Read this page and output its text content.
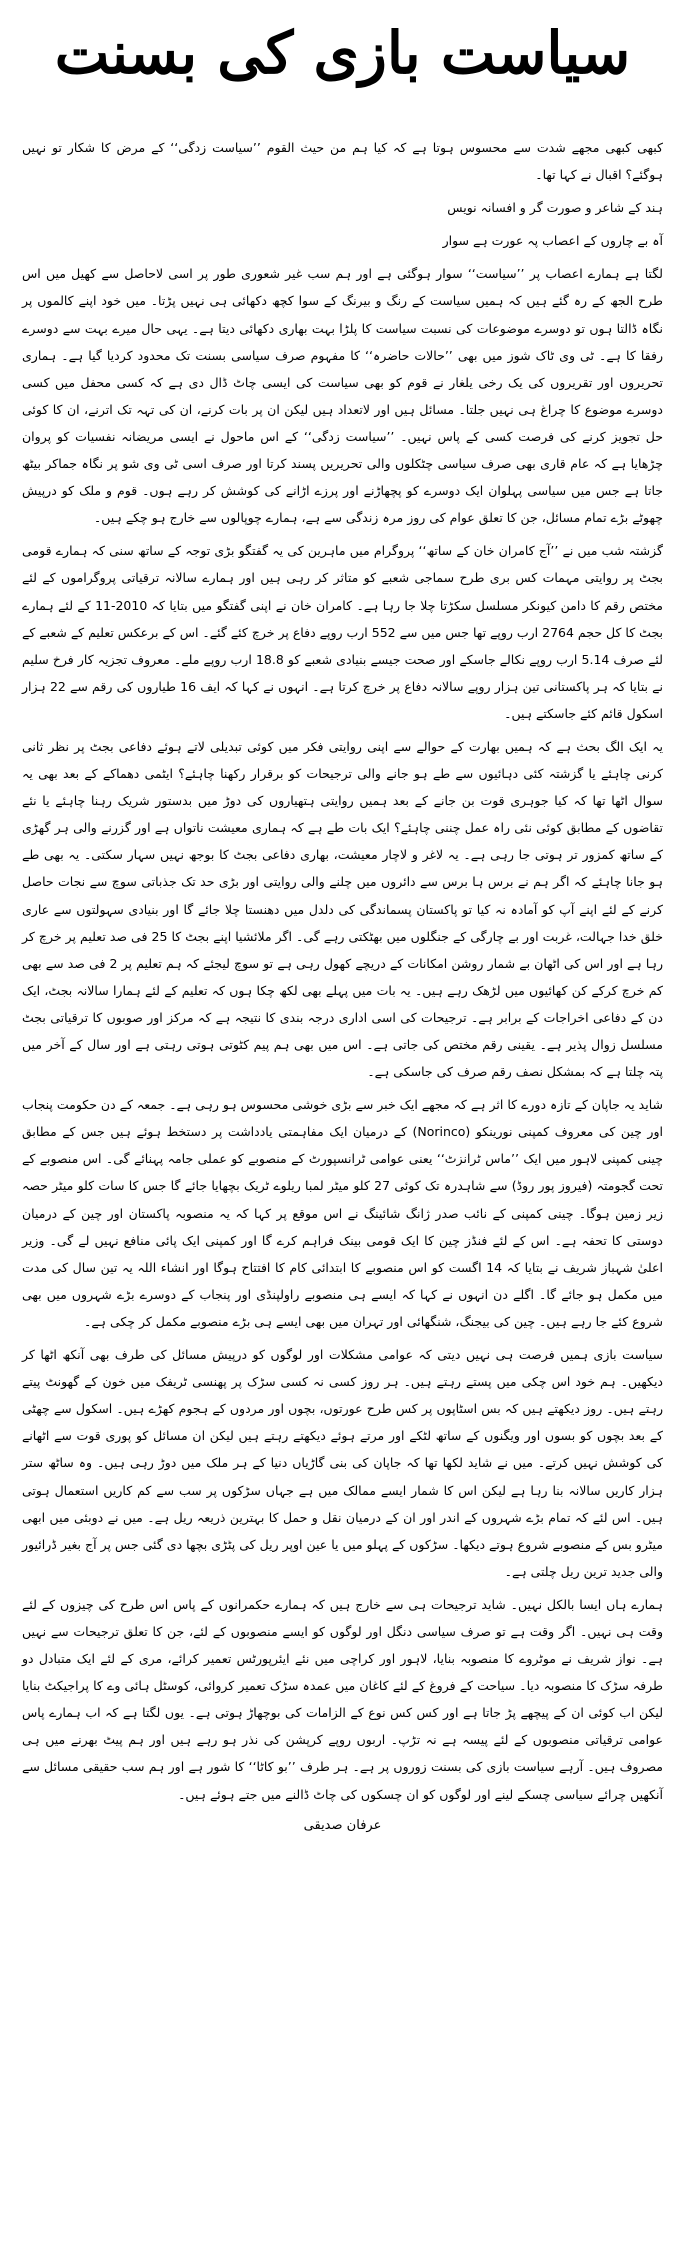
سیاست بازی کی بسنت

کبھی کبھی مجھے شدت سے محسوس ہوتا ہے کہ کیا ہم من حیث القوم ’’سیاست زدگی‘‘ کے مرض کا شکار تو نہیں ہوگئے؟ اقبال نے کہا تھا۔

ہند کے شاعر و صورت گر و افسانہ نویس

آہ بے چاروں کے اعصاب پہ عورت ہے سوار

لگتا ہے ہمارے اعصاب پر ’’سیاست‘‘ سوار ہوگئی ہے اور ہم سب غیر شعوری طور پر اسی لاحاصل سے کھیل میں اس طرح الجھ کے رہ گئے ہیں کہ ہمیں سیاست کے رنگ و بیرنگ کے سوا کچھ دکھائی ہی نہیں پڑتا۔ میں خود اپنے کالموں پر نگاہ ڈالتا ہوں تو دوسرے موضوعات کی نسبت سیاست کا پلڑا بہت بھاری دکھائی دیتا ہے۔ یہی حال میرے بہت سے دوسرے رفقا کا ہے۔ ٹی وی ٹاک شوز میں بھی ’’حالات حاضرہ‘‘ کا مفہوم صرف سیاسی بسنت تک محدود کردیا گیا ہے۔ ہماری تحریروں اور تقریروں کی یک رخی یلغار نے قوم کو بھی سیاست کی ایسی چاٹ ڈال دی ہے کہ کسی محفل میں کسی دوسرے موضوع کا چراغ ہی نہیں جلتا۔ مسائل ہیں اور لاتعداد ہیں لیکن ان پر بات کرنے، ان کی تہہ تک اترنے، ان کا کوئی حل تجویز کرنے کی فرصت کسی کے پاس نہیں۔ ’’سیاست زدگی‘‘ کے اس ماحول نے ایسی مریضانہ نفسیات کو پروان چڑھایا ہے کہ عام قاری بھی صرف سیاسی چٹکلوں والی تحریریں پسند کرتا اور صرف اسی ٹی وی شو پر نگاہ جماکر بیٹھ جاتا ہے جس میں سیاسی پہلوان ایک دوسرے کو پچھاڑنے اور پرزے اڑانے کی کوشش کر رہے ہوں۔ قوم و ملک کو درپیش چھوٹے بڑے تمام مسائل، جن کا تعلق عوام کی روز مرہ زندگی سے ہے، ہمارے چوپالوں سے خارج ہو چکے ہیں۔

گزشتہ شب میں نے ’’آج کامران خان کے ساتھ‘‘ پروگرام میں ماہرین کی یہ گفتگو بڑی توجہ کے ساتھ سنی کہ ہمارے قومی بجٹ پر روایتی مہمات کس بری طرح سماجی شعبے کو متاثر کر رہی ہیں اور ہمارے سالانہ ترقیاتی پروگراموں کے لئے مختص رقم کا دامن کیونکر مسلسل سکڑتا چلا جا رہا ہے۔ کامران خان نے اپنی گفتگو میں بتایا کہ 2010-11 کے لئے ہمارے بجٹ کا کل حجم 2764 ارب روپے تھا جس میں سے 552 ارب روپے دفاع پر خرچ کئے گئے۔ اس کے برعکس تعلیم کے شعبے کے لئے صرف 5.14 ارب روپے نکالے جاسکے اور صحت جیسے بنیادی شعبے کو 18.8 ارب روپے ملے۔ معروف تجزیہ کار فرخ سلیم نے بتایا کہ ہر پاکستانی تین ہزار روپے سالانہ دفاع پر خرچ کرتا ہے۔ انہوں نے کہا کہ ایف 16 طیاروں کی رقم سے 22 ہزار اسکول قائم کئے جاسکتے ہیں۔

یہ ایک الگ بحث ہے کہ ہمیں بھارت کے حوالے سے اپنی روایتی فکر میں کوئی تبدیلی لاتے ہوئے دفاعی بجٹ پر نظر ثانی کرنی چاہئے یا گزشتہ کئی دہائیوں سے طے ہو جانے والی ترجیحات کو برقرار رکھنا چاہئے؟ ایٹمی دھماکے کے بعد بھی یہ سوال اٹھا تھا کہ کیا جوہری قوت بن جانے کے بعد ہمیں روایتی ہتھیاروں کی دوڑ میں بدستور شریک رہنا چاہئے یا نئے تقاضوں کے مطابق کوئی نئی راہ عمل چننی چاہئے؟ ایک بات طے ہے کہ ہماری معیشت ناتواں ہے اور گزرنے والی ہر گھڑی کے ساتھ کمزور تر ہوتی جا رہی ہے۔ یہ لاغر و لاچار معیشت، بھاری دفاعی بجٹ کا بوجھ نہیں سہار سکتی۔ یہ بھی طے ہو جانا چاہئے کہ اگر ہم نے برس ہا برس سے دائروں میں چلنے والی روایتی اور بڑی حد تک جذباتی سوچ سے نجات حاصل کرنے کے لئے اپنے آپ کو آمادہ نہ کیا تو پاکستان پسماندگی کی دلدل میں دھنستا چلا جائے گا اور بنیادی سہولتوں سے عاری خلق خدا جہالت، غربت اور بے چارگی کے جنگلوں میں بھٹکتی رہے گی۔ اگر ملائشیا اپنے بجٹ کا 25 فی صد تعلیم پر خرچ کر رہا ہے اور اس کی اٹھان بے شمار روشن امکانات کے دریچے کھول رہی ہے تو سوچ لیجئے کہ ہم تعلیم پر 2 فی صد سے بھی کم خرچ کرکے کن کھائیوں میں لڑھک رہے ہیں۔ یہ بات میں پہلے بھی لکھ چکا ہوں کہ تعلیم کے لئے ہمارا سالانہ بجٹ، ایک دن کے دفاعی اخراجات کے برابر ہے۔ ترجیحات کی اسی اداری درجہ بندی کا نتیجہ ہے کہ مرکز اور صوبوں کا ترقیاتی بجٹ مسلسل زوال پذیر ہے۔ یقینی رقم مختص کی جاتی ہے۔ اس میں بھی ہم پیم کٹوتی ہوتی رہتی ہے اور سال کے آخر میں پتہ چلتا ہے کہ بمشکل نصف رقم صرف کی جاسکی ہے۔

شاید یہ جاپان کے تازہ دورے کا اثر ہے کہ مجھے ایک خبر سے بڑی خوشی محسوس ہو رہی ہے۔ جمعہ کے دن حکومت پنجاب اور چین کی معروف کمپنی نورینکو (Norinco) کے درمیان ایک مفاہمتی یادداشت پر دستخط ہوئے ہیں جس کے مطابق چینی کمپنی لاہور میں ایک ’’ماس ٹرانزٹ‘‘ یعنی عوامی ٹرانسپورٹ کے منصوبے کو عملی جامہ پہنائے گی۔ اس منصوبے کے تحت گجومتہ (فیروز پور روڈ) سے شاہدرہ تک کوئی 27 کلو میٹر لمبا ریلوے ٹریک بچھایا جائے گا جس کا سات کلو میٹر حصہ زیر زمین ہوگا۔ چینی کمپنی کے نائب صدر ژانگ شائینگ نے اس موقع پر کہا کہ یہ منصوبہ پاکستان اور چین کے درمیان دوستی کا تحفہ ہے۔ اس کے لئے فنڈز چین کا ایک قومی بینک فراہم کرے گا اور کمپنی ایک پائی منافع نہیں لے گی۔ وزیر اعلیٰ شہباز شریف نے بتایا کہ 14 اگست کو اس منصوبے کا ابتدائی کام کا افتتاح ہوگا اور انشاء اللہ یہ تین سال کی مدت میں مکمل ہو جائے گا۔ اگلے دن انہوں نے کہا کہ ایسے ہی منصوبے راولپنڈی اور پنجاب کے دوسرے بڑے شہروں میں بھی شروع کئے جا رہے ہیں۔ چین کی بیجنگ، شنگھائی اور تہران میں بھی ایسے ہی بڑے منصوبے مکمل کر چکی ہے۔

سیاست بازی ہمیں فرصت ہی نہیں دیتی کہ عوامی مشکلات اور لوگوں کو درپیش مسائل کی طرف بھی آنکھ اٹھا کر دیکھیں۔ ہم خود اس چکی میں پستے رہتے ہیں۔ ہر روز کسی نہ کسی سڑک پر پھنسی ٹریفک میں خون کے گھونٹ پیتے رہتے ہیں۔ روز دیکھتے ہیں کہ بس اسٹاپوں پر کس طرح عورتوں، بچوں اور مردوں کے ہجوم کھڑے ہیں۔ اسکول سے چھٹی کے بعد بچوں کو بسوں اور ویگنوں کے ساتھ لٹکے اور مرتے ہوئے دیکھتے رہتے ہیں لیکن ان مسائل کو پوری قوت سے اٹھانے کی کوشش نہیں کرتے۔ میں نے شاید لکھا تھا کہ جاپان کی بنی گاڑیاں دنیا کے ہر ملک میں دوڑ رہی ہیں۔ وہ ساٹھ ستر ہزار کاریں سالانہ بنا رہا ہے لیکن اس کا شمار ایسے ممالک میں ہے جہاں سڑکوں پر سب سے کم کاریں استعمال ہوتی ہیں۔ اس لئے کہ تمام بڑے شہروں کے اندر اور ان کے درمیان نقل و حمل کا بہترین ذریعہ ریل ہے۔ میں نے دوبئی میں ابھی میٹرو بس کے منصوبے شروع ہوتے دیکھا۔ سڑکوں کے پہلو میں یا عین اوپر ریل کی پٹڑی بچھا دی گئی جس پر آج بغیر ڈرائیور والی جدید ترین ریل چلتی ہے۔

ہمارے ہاں ایسا بالکل نہیں۔ شاید ترجیحات ہی سے خارج ہیں کہ ہمارے حکمرانوں کے پاس اس طرح کی چیزوں کے لئے وقت ہی نہیں۔ اگر وقت ہے تو صرف سیاسی دنگل اور لوگوں کو ایسے منصوبوں کے لئے، جن کا تعلق ترجیحات سے نہیں ہے۔ نواز شریف نے موٹروے کا منصوبہ بنایا، لاہور اور کراچی میں نئے ایئرپورٹس تعمیر کرائے، مری کے لئے ایک متبادل دو طرفہ سڑک کا منصوبہ دیا۔ سیاحت کے فروغ کے لئے کاغان میں عمدہ سڑک تعمیر کروائی، کوسٹل ہائی وے کا پراجیکٹ بنایا لیکن اب کوئی ان کے پیچھے پڑ جاتا ہے اور کس کس نوع کے الزامات کی بوچھاڑ ہوتی ہے۔ یوں لگتا ہے کہ اب ہمارے پاس عوامی ترقیاتی منصوبوں کے لئے پیسہ ہے نہ تڑپ۔ اربوں روپے کرپشن کی نذر ہو رہے ہیں اور ہم پیٹ بھرنے میں ہی مصروف ہیں۔ آرہے سیاست بازی کی بسنت زوروں پر ہے۔ ہر طرف ’’بو کاٹا‘‘ کا شور ہے اور ہم سب حقیقی مسائل سے آنکھیں چرائے سیاسی چسکے لینے اور لوگوں کو ان چسکوں کی چاٹ ڈالنے میں جتے ہوئے ہیں۔

عرفان صدیقی
